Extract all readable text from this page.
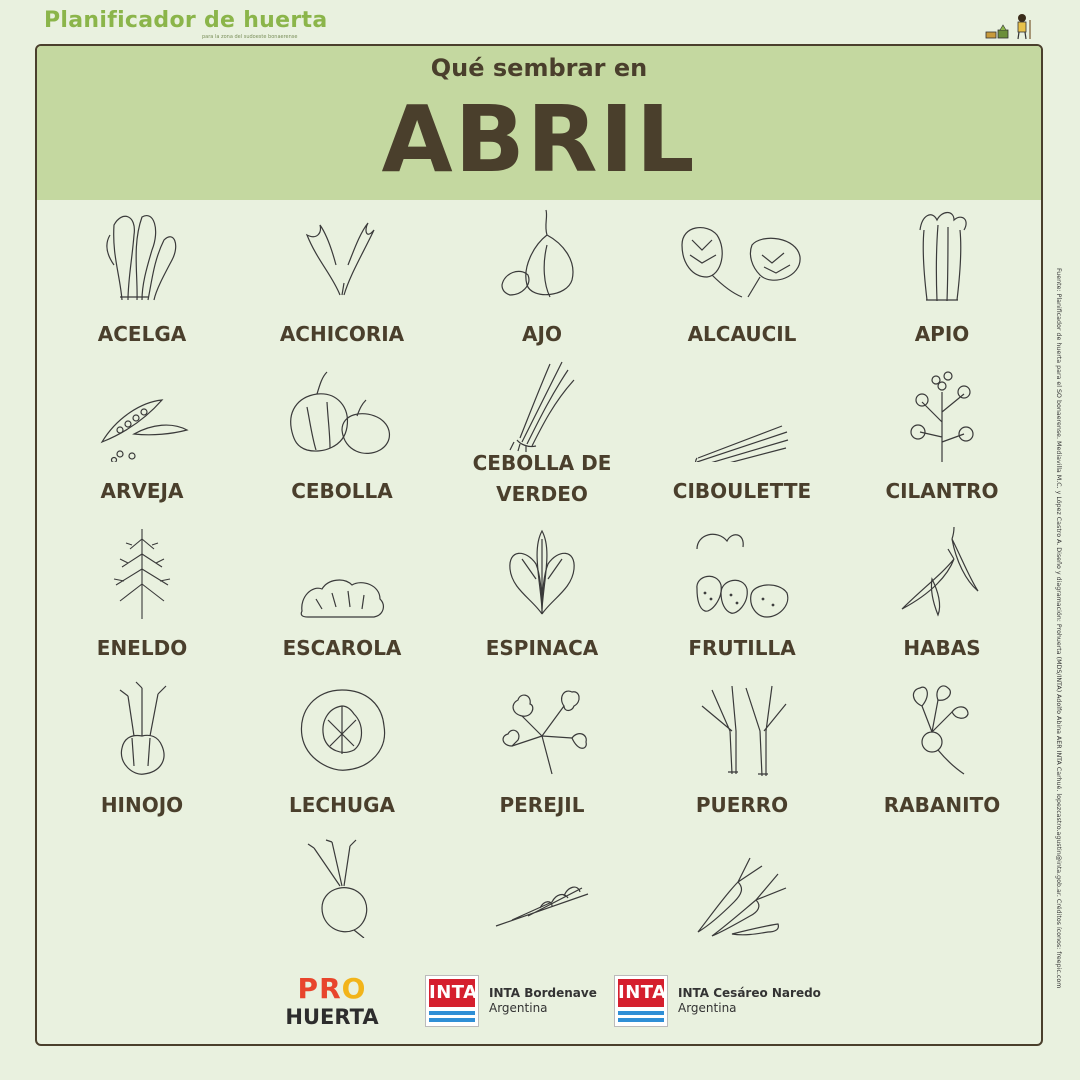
Planificador de huerta
para la zona del sudoeste bonaerense
Qué sembrar en
ABRIL
ACELGA	ACHICORIA	AJO	ALCAUCIL	APIO
ARVEJA	CEBOLLA
CEBOLLA DE VERDEO	CIBOULETTE	CILANTRO
ENELDO	ESCAROLA	ESPINACA	FRUTILLA	HABAS
HINOJO	LECHUGA	PEREJIL	PUERRO	RABANITO
PRO
HUERTA
INTA INTA Bordenave
Argentina
INTA INTA Cesáreo Naredo
Argentina
Fuente: Planificador de huerta para el SO bonaerense. Mediavilla M.C. y López Castro A. Diseño y diagramación: Prohuerta (MDS/INTA) Adolfo Abina AER INTA Carhué. lopezcastro.agustin@inta.gob.ar. Créditos íconos: freepic.com
